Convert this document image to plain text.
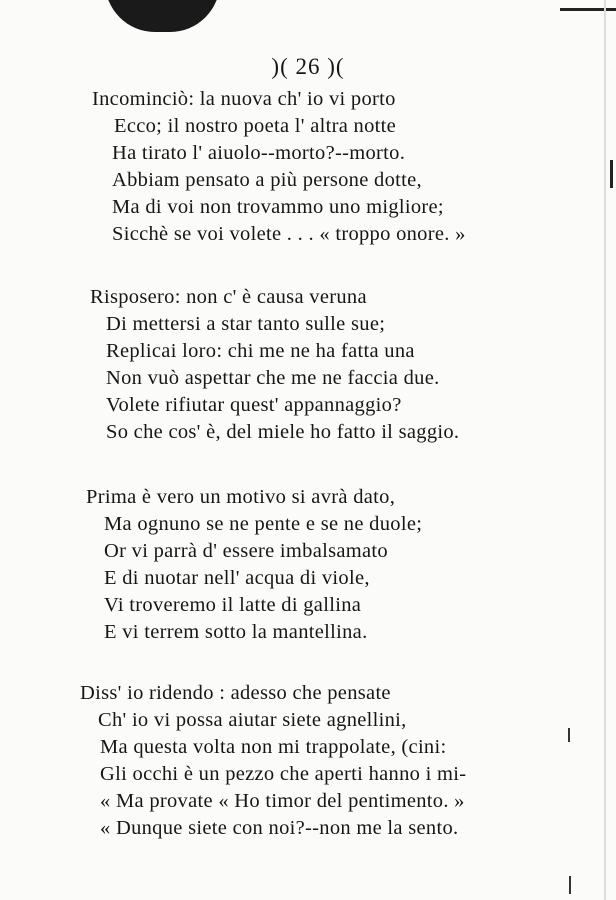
)( 26 )(
Incominciò: la nuova ch' io vi porto
Ecco; il nostro poeta l' altra notte
Ha tirato l' aiuolo--morto?--morto.
Abbiam pensato a più persone dotte,
Ma di voi non trovammo uno migliore;
Sicchè se voi volete . . . « troppo onore. »
Risposero: non c' è causa veruna
Di mettersi a star tanto sulle sue;
Replicai loro: chi me ne ha fatta una
Non vuò aspettar che me ne faccia due.
Volete rifiutar quest' appannaggio?
So che cos' è, del miele ho fatto il saggio.
Prima è vero un motivo si avrà dato,
Ma ognuno se ne pente e se ne duole;
Or vi parrà d' essere imbalsamato
E di nuotar nell' acqua di viole,
Vi troveremo il latte di gallina
E vi terrem sotto la mantellina.
Diss' io ridendo : adesso che pensate
Ch' io vi possa aiutar siete agnellini,
Ma questa volta non mi trappolate, (cini:
Gli occhi è un pezzo che aperti hanno i mi-
« Ma provate « Ho timor del pentimento. »
« Dunque siete con noi?--non me la sento.
